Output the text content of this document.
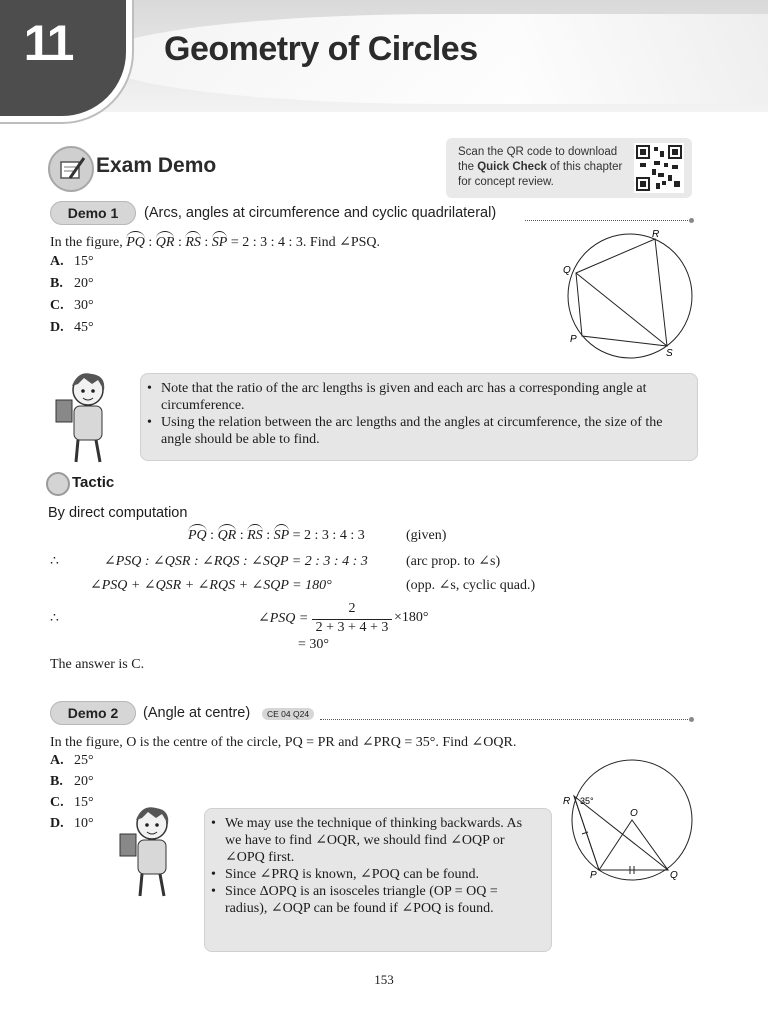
11	Geometry of Circles
Exam Demo
Scan the QR code to download
the Quick Check of this chapter
for concept review.
Demo 1	(Arcs, angles at circumference and cyclic quadrilateral)
In the figure, PQ : QR : RS : SP = 2 : 3 : 4 : 3. Find ∠PSQ.
A. 15°
B. 20°
C. 30°
D. 45°
R
Q
P
S
• Note that the ratio of the arc lengths is given and each arc has a corresponding angle at circumference.
• Using the relation between the arc lengths and the angles at circumference, the size of the angle should be able to find.
Tactic
By direct computation
PQ : QR : RS : SP = 2 : 3 : 4 : 3	(given)
∴	∠PSQ : ∠QSR : ∠RQS : ∠SQP = 2 : 3 : 4 : 3	(arc prop. to ∠s)
∠PSQ + ∠QSR + ∠RQS + ∠SQP = 180°	(opp. ∠s, cyclic quad.)
∴	∠PSQ =
2
2 + 3 + 4 + 3
×180°
= 30°
The answer is C.
Demo 2	(Angle at centre)	CE 04 Q24
In the figure, O is the centre of the circle, PQ = PR and ∠PRQ = 35°. Find ∠OQR.
A. 25°
B. 20°
C. 15°
D. 10°
•	We may use the technique of thinking backwards. As we have to find ∠OQR, we should find ∠OQP or ∠OPQ first.
• Since ∠PRQ is known, ∠POQ can be found.
• Since ΔOPQ is an isosceles triangle (OP = OQ = radius), ∠OQP can be found if ∠POQ is found.
R 35°
O
P	Q
153
